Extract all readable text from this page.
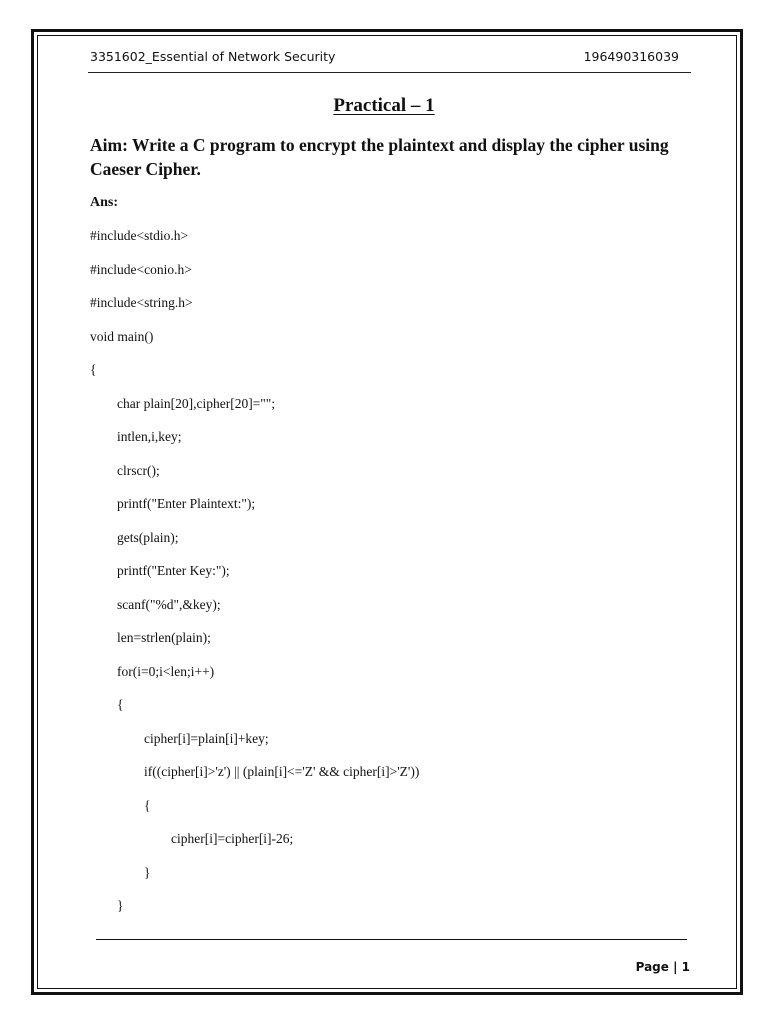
3351602_Essential of Network Security	196490316039
Practical – 1
Aim: Write a C program to encrypt the plaintext and display the cipher using Caeser Cipher.
Ans:
#include<stdio.h>
#include<conio.h>
#include<string.h>
void main()
{
char plain[20],cipher[20]="";
intlen,i,key;
clrscr();
printf("Enter Plaintext:");
gets(plain);
printf("Enter Key:");
scanf("%d",&key);
len=strlen(plain);
for(i=0;i<len;i++)
{
cipher[i]=plain[i]+key;
if((cipher[i]>'z') || (plain[i]<='Z' && cipher[i]>'Z'))
{
cipher[i]=cipher[i]-26;
}
}
Page | 1
